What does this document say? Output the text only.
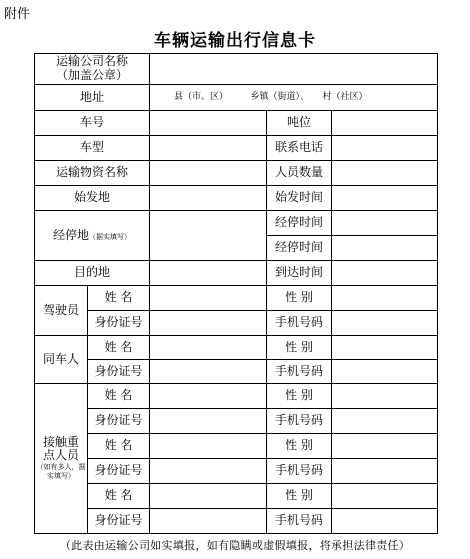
附件
车辆运输出行信息卡
运输公司名称
（加盖公章）				

地址		县（市、区）　　　乡镇（街道）、　　村（社区）		
车号			吨位	
车型			联系电话	
运输物资名称			人员数量	
始发地			始发时间	
经停地（据实填写）			经停时间	
			经停时间	
目的地			到达时间	
驾驶员	姓 名		性 别	
	身份证号		手机号码	
同车人	姓 名		性 别	
	身份证号		手机号码	

接触重
点人员
（如有多人，据实填写）	姓 名		性 别	
	身份证号		手机号码	
	姓 名		性 别	
	身份证号		手机号码	
	姓 名		性 别	
	身份证号		手机号码	
（此表由运输公司如实填报，如有隐瞒或虚假填报，将承担法律责任）
